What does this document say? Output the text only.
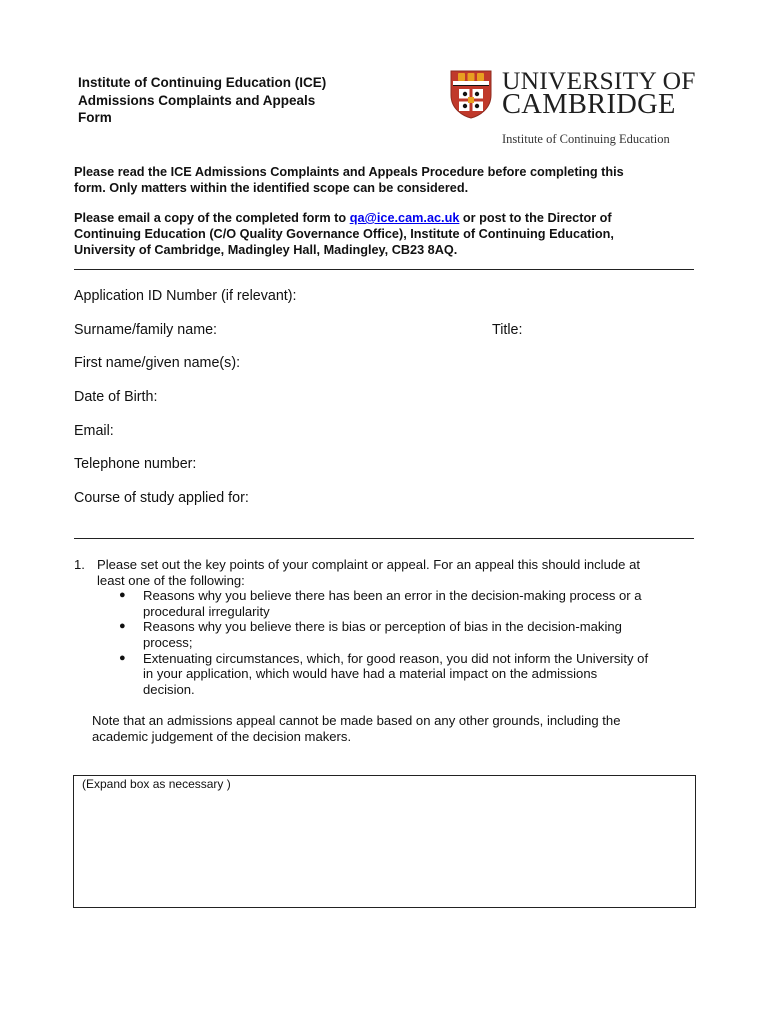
Institute of Continuing Education (ICE)
Admissions Complaints and Appeals
Form
UNIVERSITY OF
CAMBRIDGE
Institute of Continuing Education
Please read the ICE Admissions Complaints and Appeals Procedure before completing this
form. Only matters within the identified scope can be considered.
Please email a copy of the completed form to qa@ice.cam.ac.uk or post to the Director of
Continuing Education (C/O Quality Governance Office), Institute of Continuing Education,
University of Cambridge, Madingley Hall, Madingley, CB23 8AQ.
Application ID Number (if relevant):
Surname/family name:	Title:
First name/given name(s):
Date of Birth:
Email:
Telephone number:
Course of study applied for:
1. Please set out the key points of your complaint or appeal. For an appeal this should include at
least one of the following:
● Reasons why you believe there has been an error in the decision-making process or a
procedural irregularity
● Reasons why you believe there is bias or perception of bias in the decision-making
process;
● Extenuating circumstances, which, for good reason, you did not inform the University of
in your application, which would have had a material impact on the admissions
decision.
Note that an admissions appeal cannot be made based on any other grounds, including the
academic judgement of the decision makers.
(Expand box as necessary )
